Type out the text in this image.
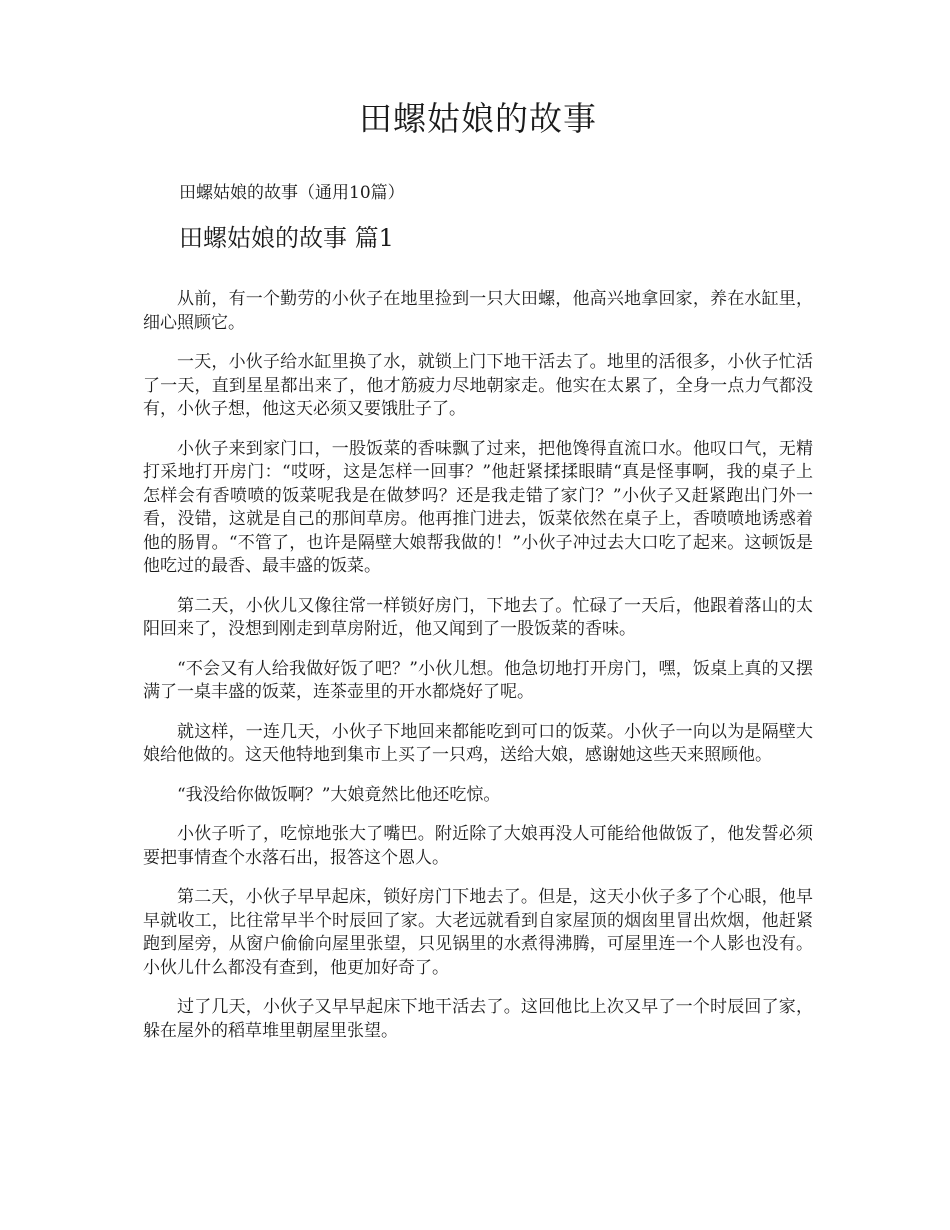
田螺姑娘的故事
田螺姑娘的故事（通用10篇）
田螺姑娘的故事 篇1

从前，有一个勤劳的小伙子在地里捡到一只大田螺，他高兴地拿回家，养在水缸里，细心照顾它。

一天，小伙子给水缸里换了水，就锁上门下地干活去了。地里的活很多，小伙子忙活了一天，直到星星都出来了，他才筋疲力尽地朝家走。他实在太累了，全身一点力气都没有，小伙子想，他这天必须又要饿肚子了。

小伙子来到家门口，一股饭菜的香味飘了过来，把他馋得直流口水。他叹口气，无精打采地打开房门：“哎呀，这是怎样一回事？”他赶紧揉揉眼睛“真是怪事啊，我的桌子上怎样会有香喷喷的饭菜呢我是在做梦吗？还是我走错了家门？”小伙子又赶紧跑出门外一看，没错，这就是自己的那间草房。他再推门进去，饭菜依然在桌子上，香喷喷地诱惑着他的肠胃。“不管了，也许是隔壁大娘帮我做的！”小伙子冲过去大口吃了起来。这顿饭是他吃过的最香、最丰盛的饭菜。

第二天，小伙儿又像往常一样锁好房门，下地去了。忙碌了一天后，他跟着落山的太阳回来了，没想到刚走到草房附近，他又闻到了一股饭菜的香味。

“不会又有人给我做好饭了吧？”小伙儿想。他急切地打开房门，嘿，饭桌上真的又摆满了一桌丰盛的饭菜，连茶壶里的开水都烧好了呢。

就这样，一连几天，小伙子下地回来都能吃到可口的饭菜。小伙子一向以为是隔壁大娘给他做的。这天他特地到集市上买了一只鸡，送给大娘，感谢她这些天来照顾他。

“我没给你做饭啊？”大娘竟然比他还吃惊。

小伙子听了，吃惊地张大了嘴巴。附近除了大娘再没人可能给他做饭了，他发誓必须要把事情查个水落石出，报答这个恩人。

第二天，小伙子早早起床，锁好房门下地去了。但是，这天小伙子多了个心眼，他早早就收工，比往常早半个时辰回了家。大老远就看到自家屋顶的烟囱里冒出炊烟，他赶紧跑到屋旁，从窗户偷偷向屋里张望，只见锅里的水煮得沸腾，可屋里连一个人影也没有。小伙儿什么都没有查到，他更加好奇了。

过了几天，小伙子又早早起床下地干活去了。这回他比上次又早了一个时辰回了家，躲在屋外的稻草堆里朝屋里张望。
